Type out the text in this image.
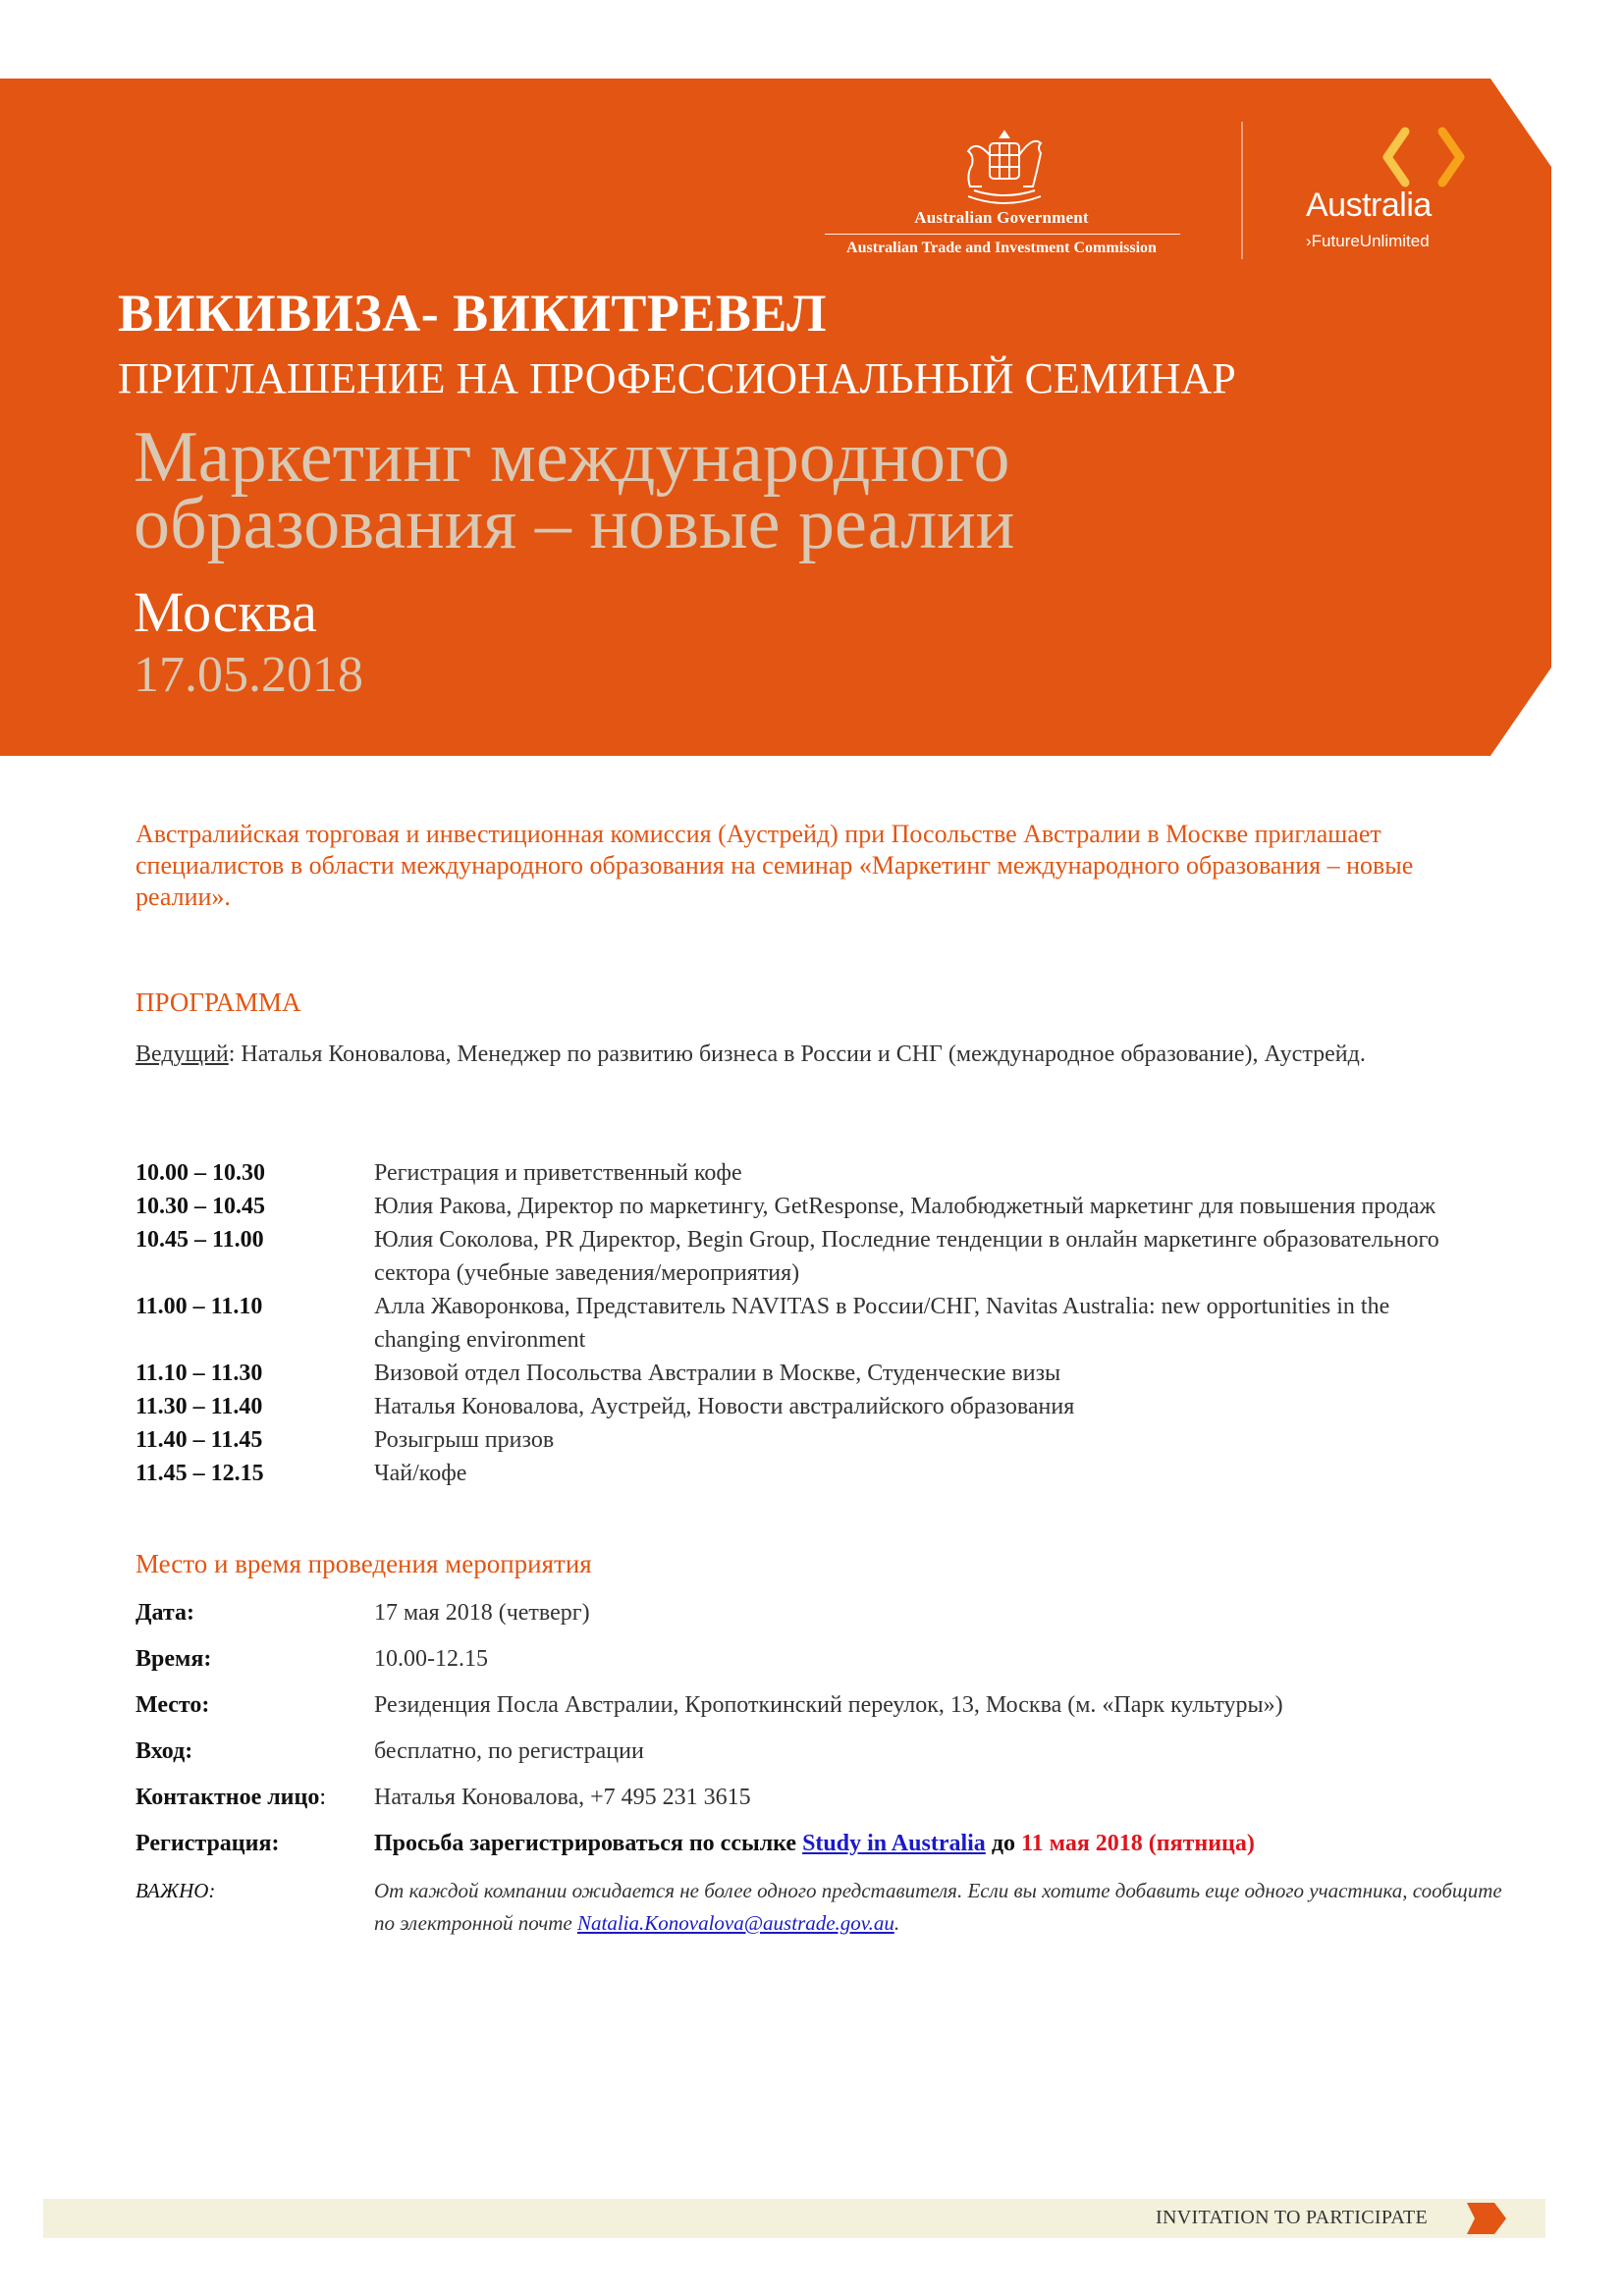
Australian Government
Australian Trade and Investment Commission
Australia
›FutureUnlimited
ВИКИВИЗА- ВИКИТРЕВЕЛ
ПРИГЛАШЕНИЕ НА ПРОФЕССИОНАЛЬНЫЙ СЕМИНАР
Маркетинг международного
образования – новые реалии
Москва
17.05.2018
Австралийская торговая и инвестиционная комиссия (Аустрейд) при Посольстве Австралии в Москве приглашает специалистов в области международного образования на семинар «Маркетинг международного образования – новые реалии».
ПРОГРАММА
Ведущий: Наталья Коновалова, Менеджер по развитию бизнеса в России и СНГ (международное образование), Аустрейд.
10.00 – 10.30	Регистрация и приветственный кофе
10.30 – 10.45	Юлия Ракова, Директор по маркетингу, GetResponse, Малобюджетный маркетинг для повышения продаж
10.45 – 11.00	Юлия Соколова, PR Директор, Begin Group, Последние тенденции в онлайн маркетинге образовательного сектора (учебные заведения/мероприятия)
11.00 – 11.10	Алла Жаворонкова, Представитель NAVITAS в России/СНГ, Navitas Australia: new opportunities in the changing environment
11.10 – 11.30	Визовой отдел Посольства Австралии в Москве, Студенческие визы
11.30 – 11.40	Наталья Коновалова, Аустрейд, Новости австралийского образования
11.40 – 11.45	Розыгрыш призов
11.45 – 12.15	Чай/кофе
Место и время проведения мероприятия
Дата:	17 мая 2018 (четверг)
Время:	10.00-12.15
Место:	Резиденция Посла Австралии, Кропоткинский переулок, 13, Москва (м. «Парк культуры»)
Вход:	бесплатно, по регистрации
Контактное лицо:	Наталья Коновалова, +7 495 231 3615
Регистрация:	Просьба зарегистрироваться по ссылке Study in Australia до 11 мая 2018 (пятница)
ВАЖНО:	От каждой компании ожидается не более одного представителя. Если вы хотите добавить еще одного участника, сообщите по электронной почте Natalia.Konovalova@austrade.gov.au.
INVITATION TO PARTICIPATE
